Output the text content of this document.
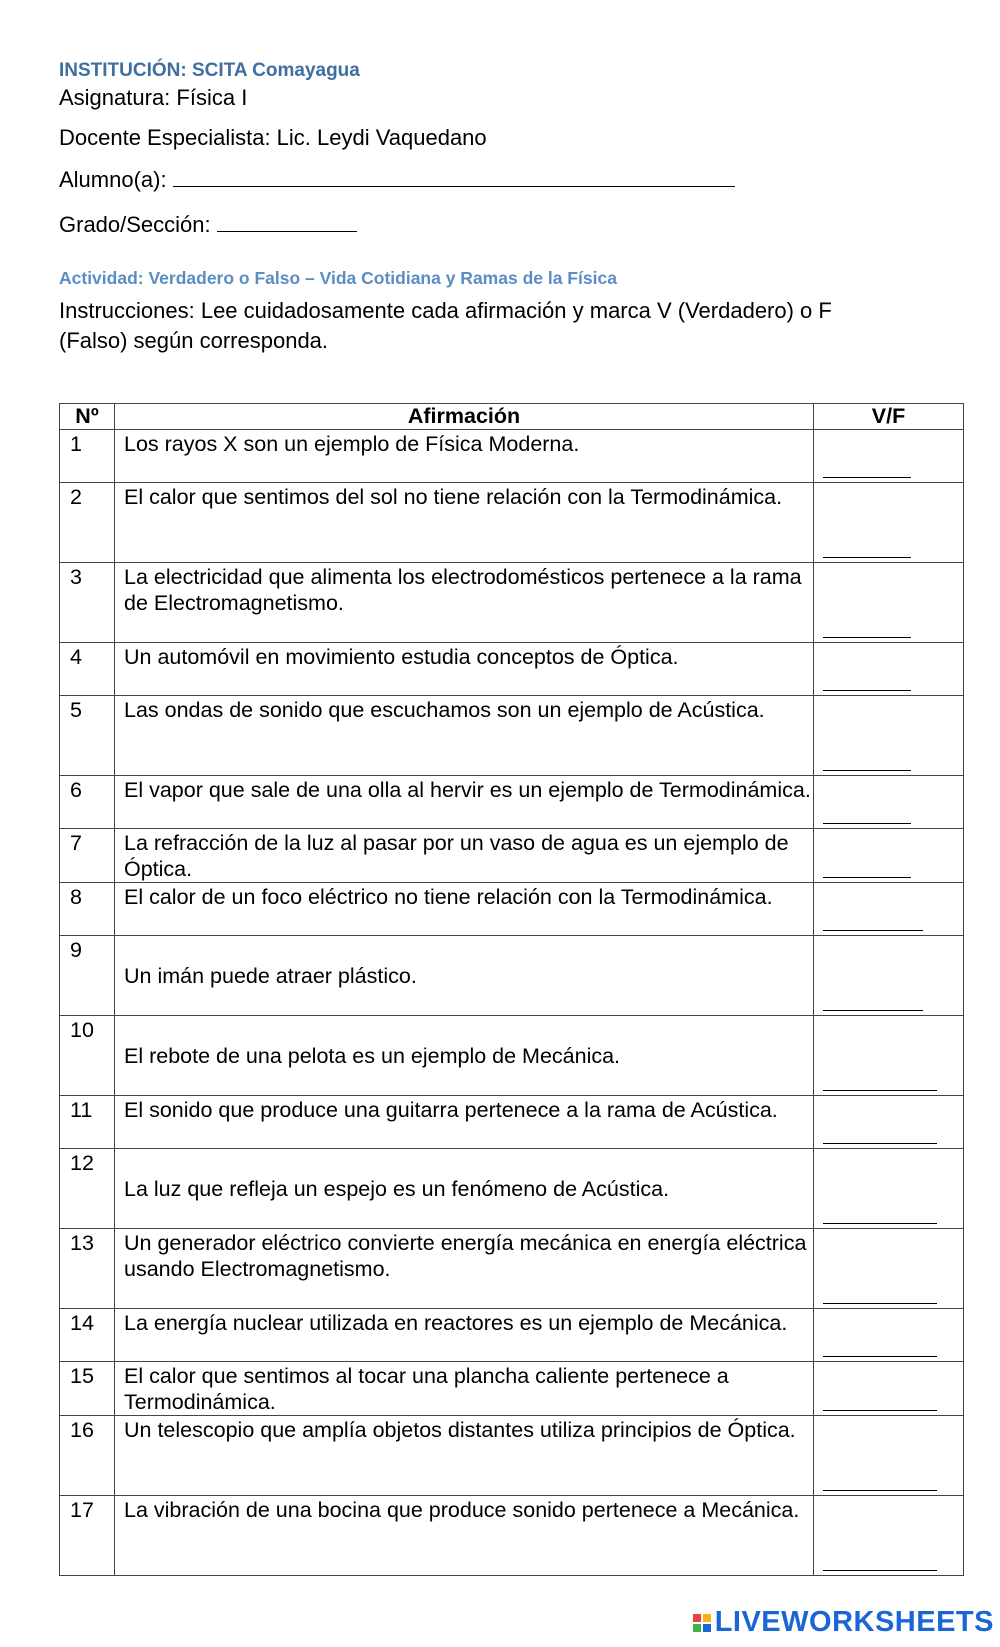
INSTITUCIÓN: SCITA Comayagua
Asignatura: Física I
Docente Especialista: Lic. Leydi Vaquedano
Alumno(a):
Grado/Sección:
Actividad: Verdadero o Falso – Vida Cotidiana y Ramas de la Física
Instrucciones: Lee cuidadosamente cada afirmación y marca V (Verdadero) o F (Falso) según corresponda.
Nº	Afirmación	V/F
1	Los rayos X son un ejemplo de Física Moderna.	

2	El calor que sentimos del sol no tiene relación con la Termodinámica.	

3	La electricidad que alimenta los electrodomésticos pertenece a la rama de Electromagnetismo.	

4	Un automóvil en movimiento estudia conceptos de Óptica.	

5	Las ondas de sonido que escuchamos son un ejemplo de Acústica.	

6	El vapor que sale de una olla al hervir es un ejemplo de Termodinámica.	

7	La refracción de la luz al pasar por un vaso de agua es un ejemplo de Óptica.	

8	El calor de un foco eléctrico no tiene relación con la Termodinámica.	

9	Un imán puede atraer plástico.	

10	El rebote de una pelota es un ejemplo de Mecánica.	

11	El sonido que produce una guitarra pertenece a la rama de Acústica.	

12	La luz que refleja un espejo es un fenómeno de Acústica.	

13	Un generador eléctrico convierte energía mecánica en energía eléctrica usando Electromagnetismo.	

14	La energía nuclear utilizada en reactores es un ejemplo de Mecánica.	

15	El calor que sentimos al tocar una plancha caliente pertenece a Termodinámica.	

16	Un telescopio que amplía objetos distantes utiliza principios de Óptica.	

17	La vibración de una bocina que produce sonido pertenece a Mecánica.	
LIVEWORKSHEETS
